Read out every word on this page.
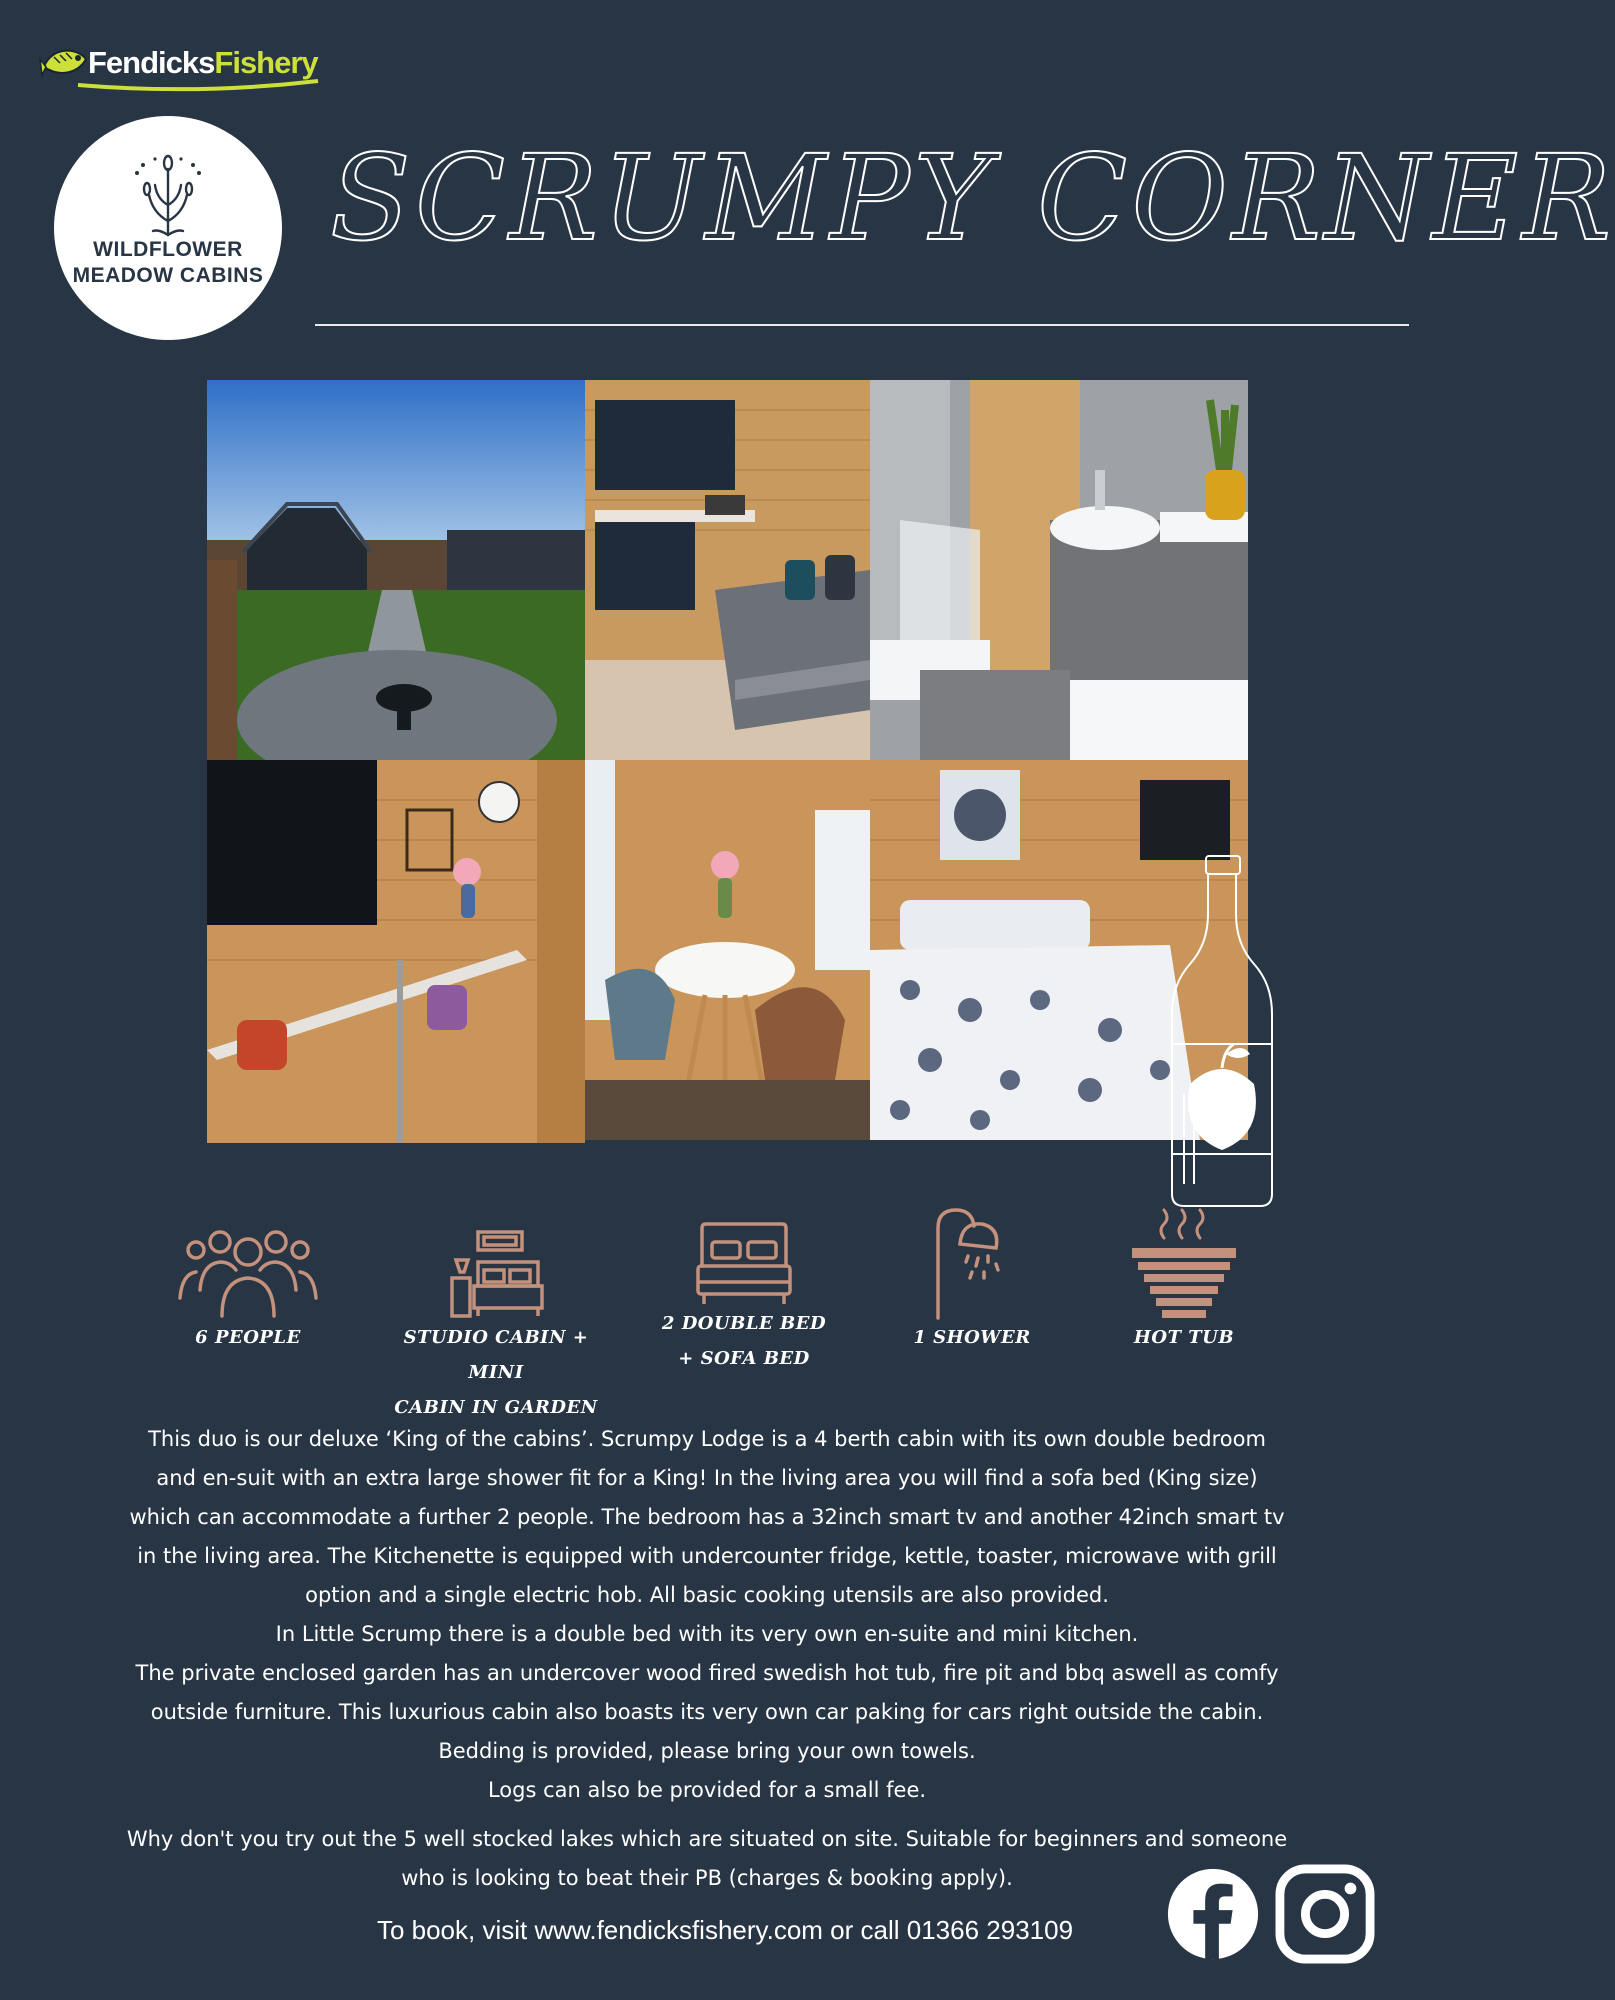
FendicksFishery
WILDFLOWER
MEADOW CABINS
SCRUMPY CORNER
6 PEOPLE	STUDIO CABIN + MINI
CABIN IN GARDEN
2 DOUBLE BED
+ SOFA BED
1 SHOWER	HOT TUB

This duo is our deluxe ‘King of the cabins’. Scrumpy Lodge is a 4 berth cabin with its own double bedroom

and en-suit with an extra large shower fit for a King! In the living area you will find a sofa bed (King size)

which can accommodate a further 2 people. The bedroom has a 32inch smart tv and another 42inch smart tv

in the living area. The Kitchenette is equipped with undercounter fridge, kettle, toaster, microwave with grill

option and a single electric hob. All basic cooking utensils are also provided.

In Little Scrump there is a double bed with its very own en-suite and mini kitchen.

The private enclosed garden has an undercover wood fired swedish hot tub, fire pit and bbq aswell as comfy

outside furniture. This luxurious cabin also boasts its very own car paking for cars right outside the cabin.

Bedding is provided, please bring your own towels.

Logs can also be provided for a small fee.

Why don't you try out the 5 well stocked lakes which are situated on site. Suitable for beginners and someone

who is looking to beat their PB (charges & booking apply).

To book, visit www.fendicksfishery.com or call 01366 293109
